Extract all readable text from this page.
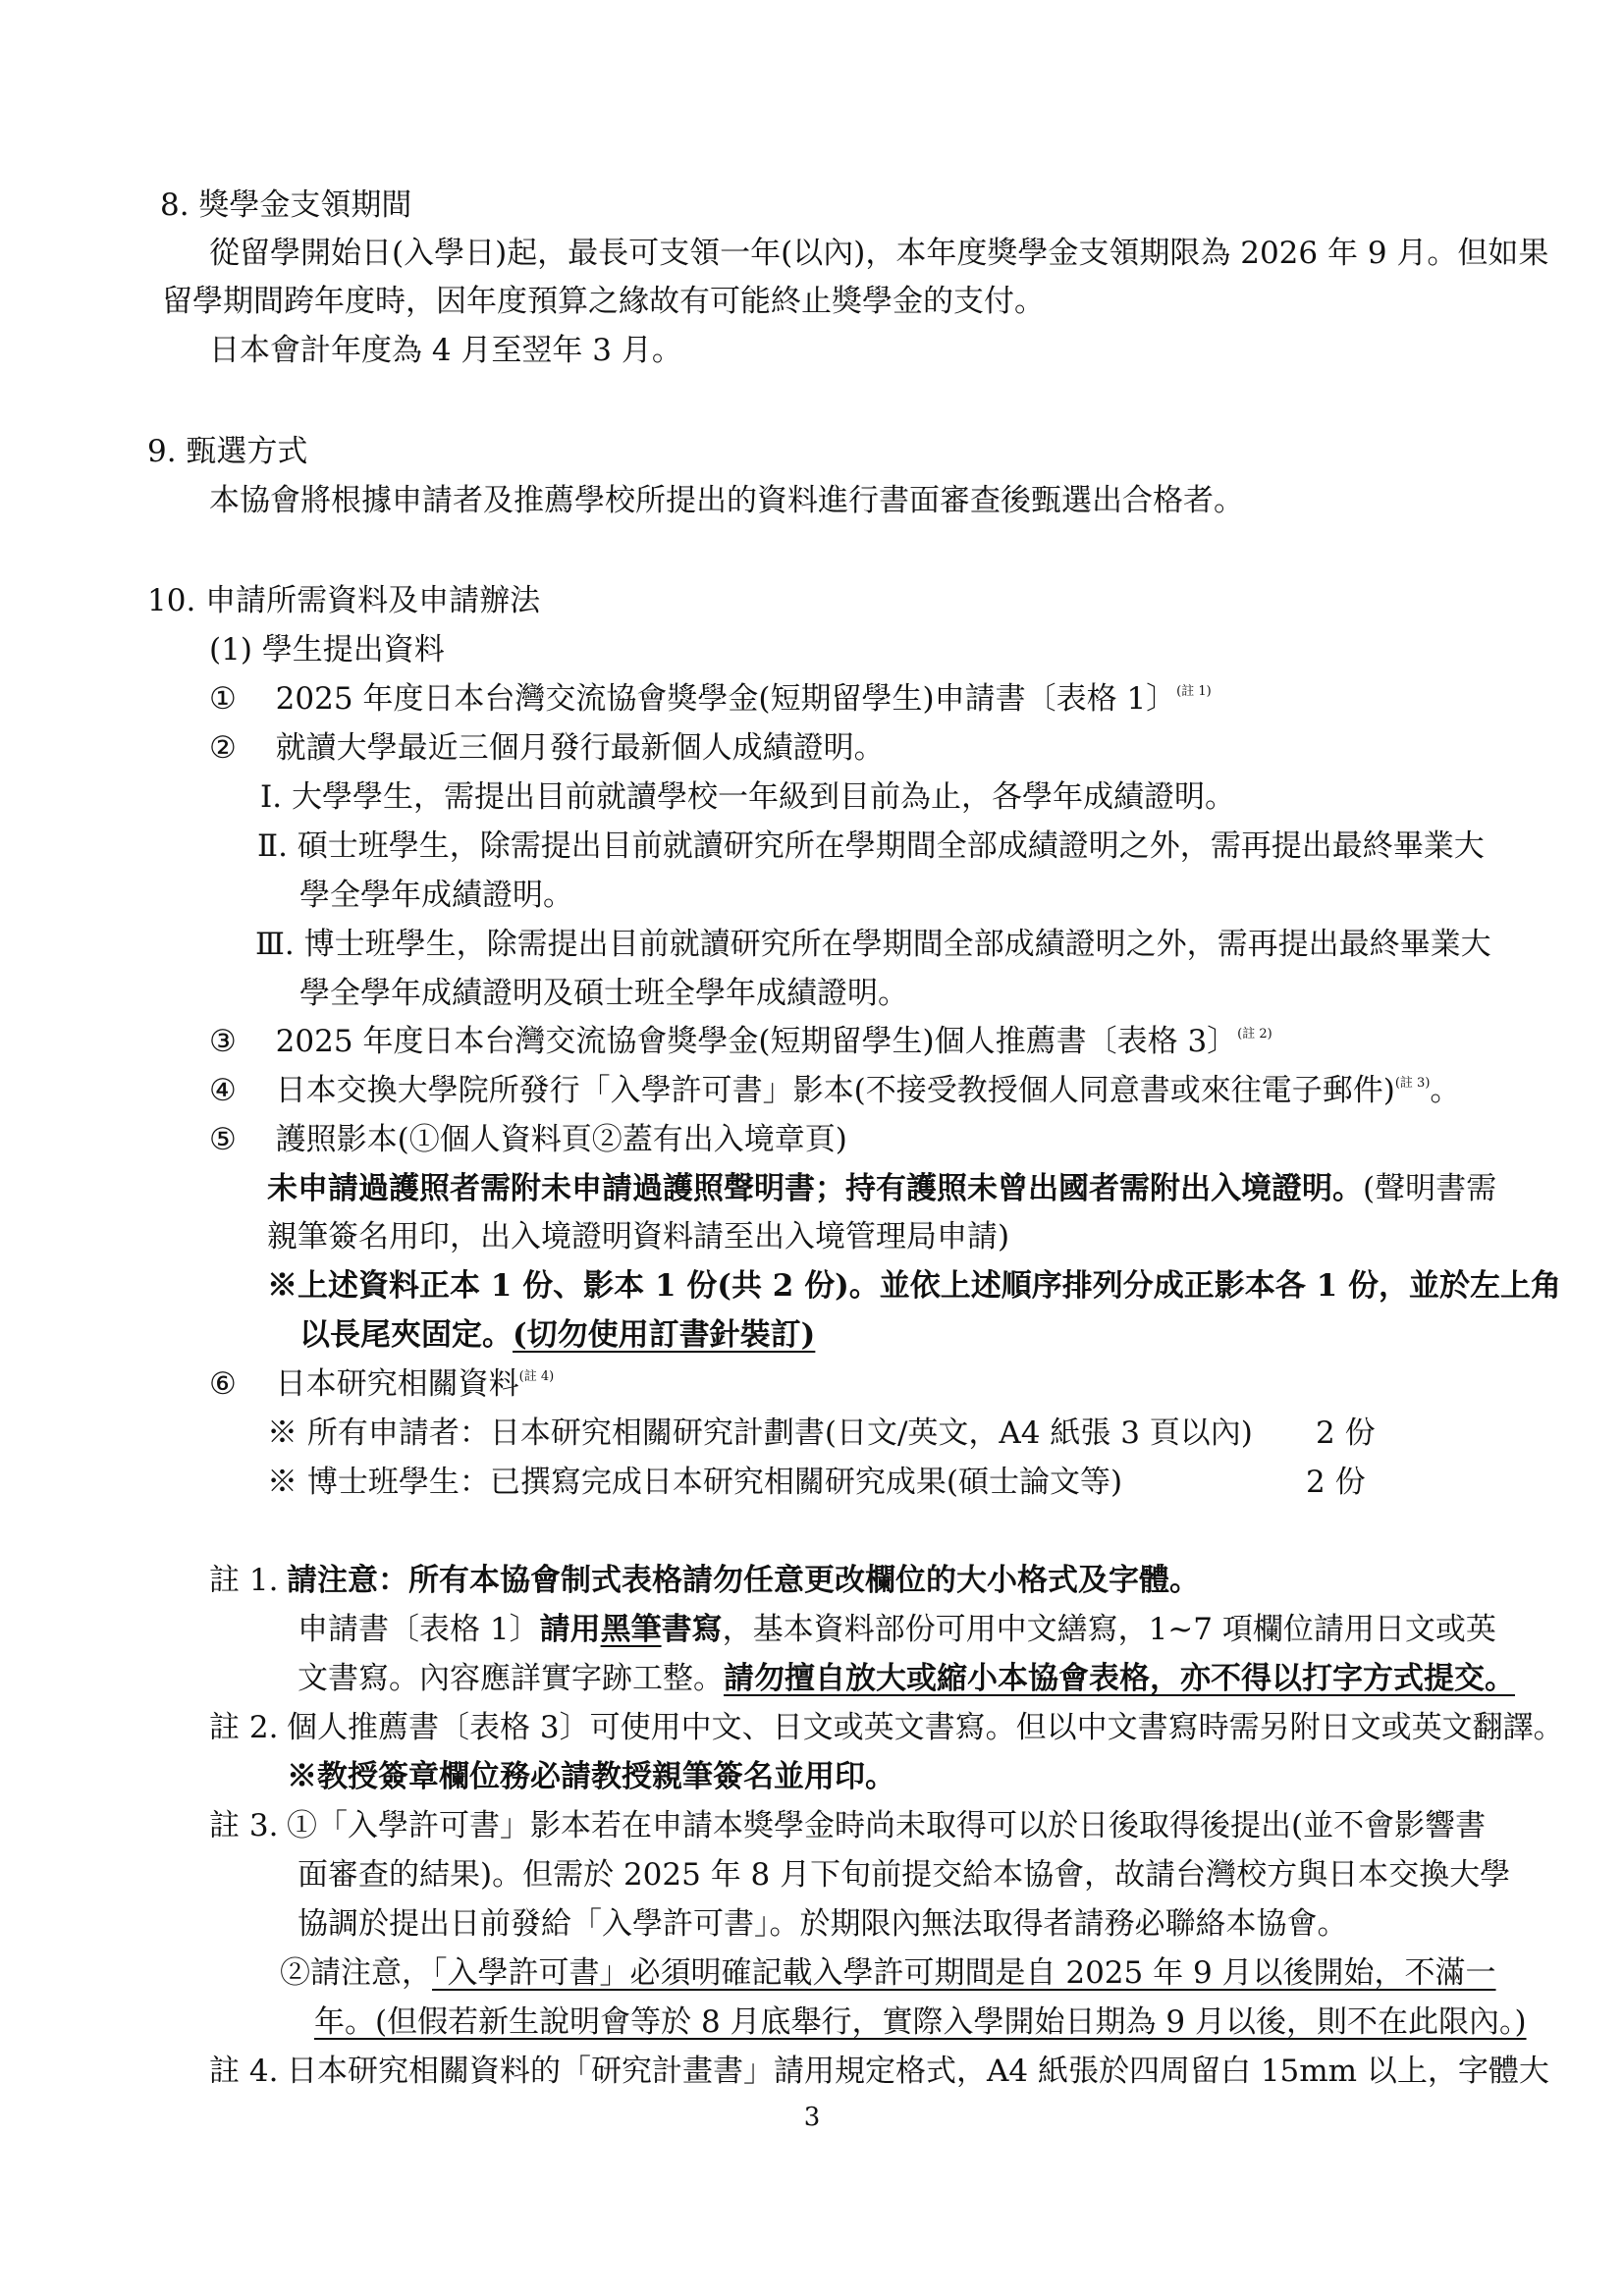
8. 獎學金支領期間
從留學開始日(入學日)起，最長可支領一年(以內)，本年度獎學金支領期限為 2026 年 9 月。但如果
留學期間跨年度時，因年度預算之緣故有可能終止獎學金的支付。
日本會計年度為 4 月至翌年 3 月。
9. 甄選方式
本協會將根據申請者及推薦學校所提出的資料進行書面審查後甄選出合格者。
10. 申請所需資料及申請辦法
(1) 學生提出資料
① 2025 年度日本台灣交流協會獎學金(短期留學生)申請書〔表格 1〕$^{(註 1)}$
② 就讀大學最近三個月發行最新個人成績證明。
Ⅰ. 大學學生，需提出目前就讀學校一年級到目前為止，各學年成績證明。
Ⅱ. 碩士班學生，除需提出目前就讀研究所在學期間全部成績證明之外，需再提出最終畢業大
學全學年成績證明。
Ⅲ. 博士班學生，除需提出目前就讀研究所在學期間全部成績證明之外，需再提出最終畢業大
學全學年成績證明及碩士班全學年成績證明。
③ 2025 年度日本台灣交流協會獎學金(短期留學生)個人推薦書〔表格 3〕$^{(註 2)}$
④ 日本交換大學院所發行「入學許可書」影本(不接受教授個人同意書或來往電子郵件)$^{(註 3)}$。
⑤ 護照影本(①個人資料頁②蓋有出入境章頁)
未申請過護照者需附未申請過護照聲明書；持有護照未曾出國者需附出入境證明。(聲明書需
親筆簽名用印，出入境證明資料請至出入境管理局申請)
※上述資料正本 1 份、影本 1 份(共 2 份)。並依上述順序排列分成正影本各 1 份，並於左上角
以長尾夾固定。(切勿使用訂書針裝訂)
⑥ 日本研究相關資料$^{(註 4)}$
※ 所有申請者：日本研究相關研究計劃書(日文/英文，A4 紙張 3 頁以內) 2 份
※ 博士班學生：已撰寫完成日本研究相關研究成果(碩士論文等)	2 份
註 1. 請注意：所有本協會制式表格請勿任意更改欄位的大小格式及字體。
申請書〔表格 1〕請用黑筆書寫，基本資料部份可用中文繕寫，1~7 項欄位請用日文或英
文書寫。內容應詳實字跡工整。請勿擅自放大或縮小本協會表格，亦不得以打字方式提交。
註 2. 個人推薦書〔表格 3〕可使用中文、日文或英文書寫。但以中文書寫時需另附日文或英文翻譯。
※教授簽章欄位務必請教授親筆簽名並用印。
註 3. ①「入學許可書」影本若在申請本獎學金時尚未取得可以於日後取得後提出(並不會影響書
面審查的結果)。但需於 2025 年 8 月下旬前提交給本協會，故請台灣校方與日本交換大學
協調於提出日前發給「入學許可書」。於期限內無法取得者請務必聯絡本協會。
②請注意，「入學許可書」必須明確記載入學許可期間是自 2025 年 9 月以後開始，不滿一
年。(但假若新生說明會等於 8 月底舉行，實際入學開始日期為 9 月以後，則不在此限內。)
註 4. 日本研究相關資料的「研究計畫書」請用規定格式，A4 紙張於四周留白 15mm 以上，字體大
3
